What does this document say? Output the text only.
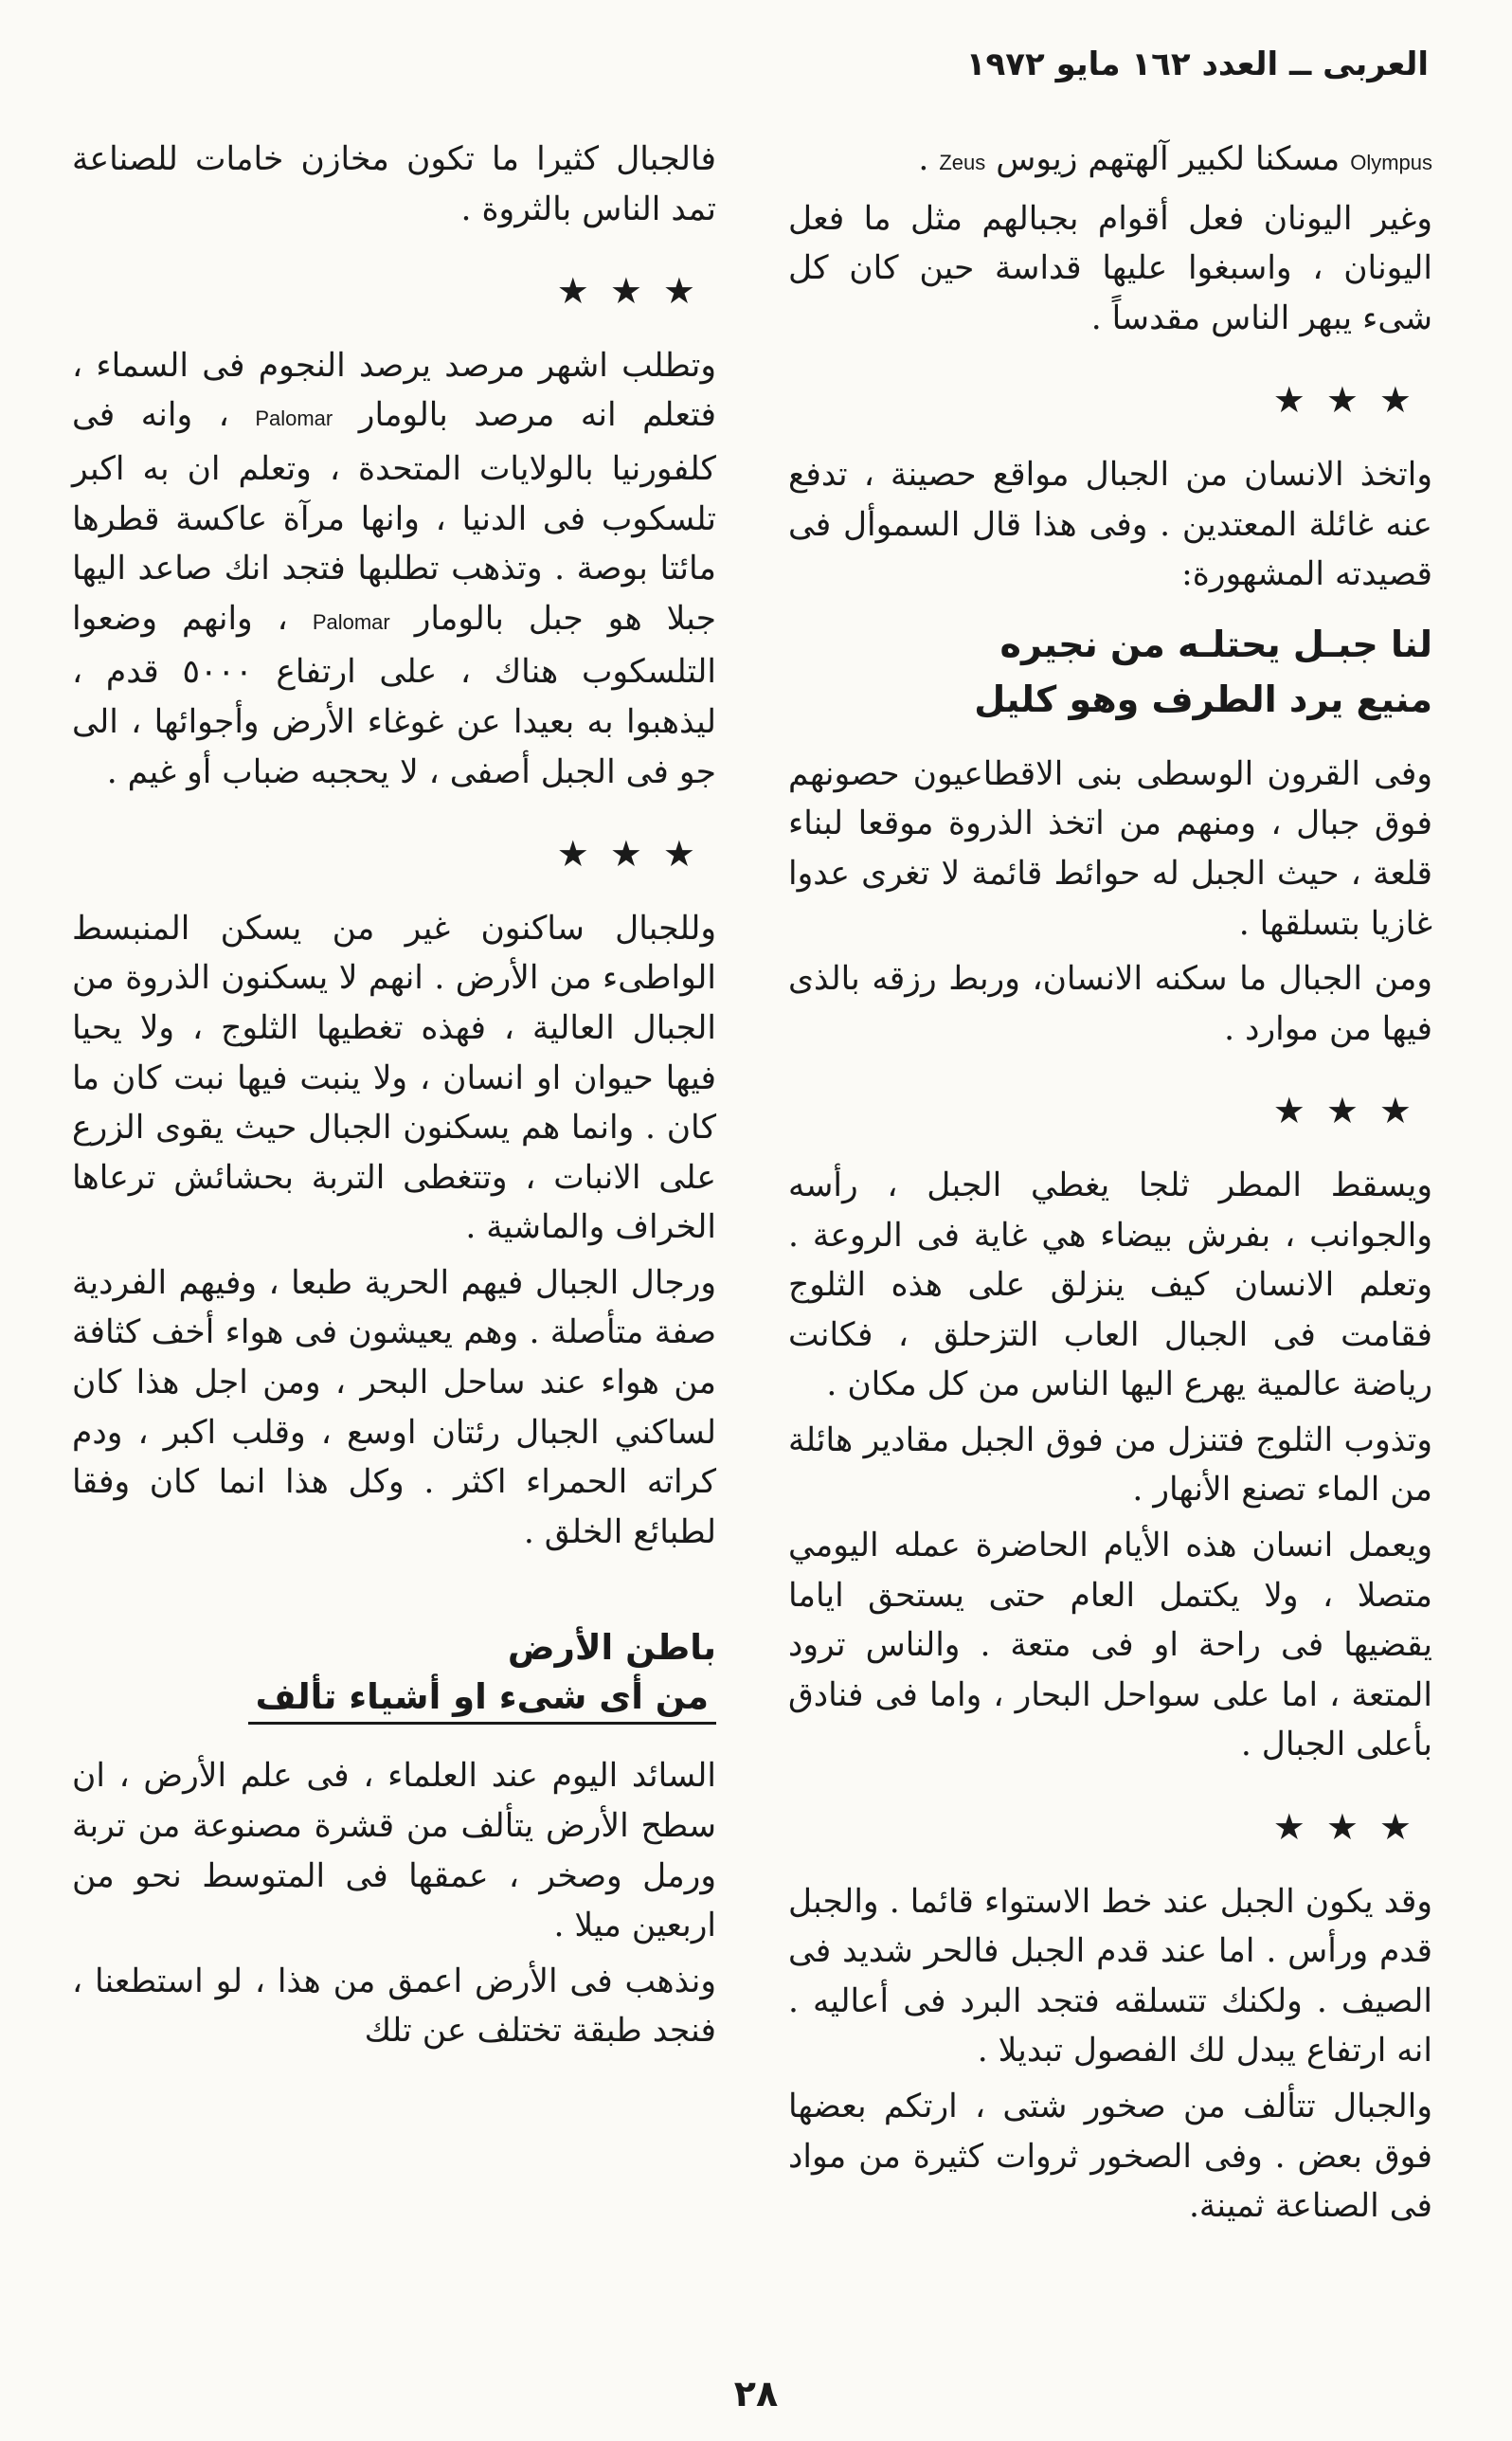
العربى ــ العدد ١٦٢ مايو ١٩٧٢

Olympus مسكنا لكبير آلهتهم زيوس Zeus .

وغير اليونان فعل أقوام بجبالهم مثل ما فعل اليونان ، واسبغوا عليها قداسة حين كان كل شىء يبهر الناس مقدساً .

★★★

واتخذ الانسان من الجبال مواقع حصينة ، تدفع عنه غائلة المعتدين . وفى هذا قال السموأل فى قصيدته المشهورة:

لنا جبـل يحتلـه من نجيره
منيع يرد الطرف وهو كليل

وفى القرون الوسطى بنى الاقطاعيون حصونهم فوق جبال ، ومنهم من اتخذ الذروة موقعا لبناء قلعة ، حيث الجبل له حوائط قائمة لا تغرى عدوا غازيا بتسلقها .

ومن الجبال ما سكنه الانسان، وربط رزقه بالذى فيها من موارد .

★★★

ويسقط المطر ثلجا يغطي الجبل ، رأسه والجوانب ، بفرش بيضاء هي غاية فى الروعة . وتعلم الانسان كيف ينزلق على هذه الثلوج فقامت فى الجبال العاب التزحلق ، فكانت رياضة عالمية يهرع اليها الناس من كل مكان .

وتذوب الثلوج فتنزل من فوق الجبل مقادير هائلة من الماء تصنع الأنهار .

ويعمل انسان هذه الأيام الحاضرة عمله اليومي متصلا ، ولا يكتمل العام حتى يستحق اياما يقضيها فى راحة او فى متعة . والناس ترود المتعة ، اما على سواحل البحار ، واما فى فنادق بأعلى الجبال .

★★★

وقد يكون الجبل عند خط الاستواء قائما . والجبل قدم ورأس . اما عند قدم الجبل فالحر شديد فى الصيف . ولكنك تتسلقه فتجد البرد فى أعاليه . انه ارتفاع يبدل لك الفصول تبديلا .

والجبال تتألف من صخور شتى ، ارتكم بعضها فوق بعض . وفى الصخور ثروات كثيرة من مواد فى الصناعة ثمينة.

فالجبال كثيرا ما تكون مخازن خامات للصناعة تمد الناس بالثروة .

★★★

وتطلب اشهر مرصد يرصد النجوم فى السماء ، فتعلم انه مرصد بالومار Palomar ، وانه فى كلفورنيا بالولايات المتحدة ، وتعلم ان به اكبر تلسكوب فى الدنيا ، وانها مرآة عاكسة قطرها مائتا بوصة . وتذهب تطلبها فتجد انك صاعد اليها جبلا هو جبل بالومار Palomar ، وانهم وضعوا التلسكوب هناك ، على ارتفاع ٥٠٠٠ قدم ، ليذهبوا به بعيدا عن غوغاء الأرض وأجوائها ، الى جو فى الجبل أصفى ، لا يحجبه ضباب أو غيم .

★★★

وللجبال ساكنون غير من يسكن المنبسط الواطىء من الأرض . انهم لا يسكنون الذروة من الجبال العالية ، فهذه تغطيها الثلوج ، ولا يحيا فيها حيوان او انسان ، ولا ينبت فيها نبت كان ما كان . وانما هم يسكنون الجبال حيث يقوى الزرع على الانبات ، وتتغطى التربة بحشائش ترعاها الخراف والماشية .

ورجال الجبال فيهم الحرية طبعا ، وفيهم الفردية صفة متأصلة . وهم يعيشون فى هواء أخف كثافة من هواء عند ساحل البحر ، ومن اجل هذا كان لساكني الجبال رئتان اوسع ، وقلب اكبر ، ودم كراته الحمراء اكثر . وكل هذا انما كان وفقا لطبائع الخلق .

باطن الأرض
من أى شىء او أشياء تألف

السائد اليوم عند العلماء ، فى علم الأرض ، ان سطح الأرض يتألف من قشرة مصنوعة من تربة ورمل وصخر ، عمقها فى المتوسط نحو من اربعين ميلا .

ونذهب فى الأرض اعمق من هذا ، لو استطعنا ، فنجد طبقة تختلف عن تلك

٢٨
